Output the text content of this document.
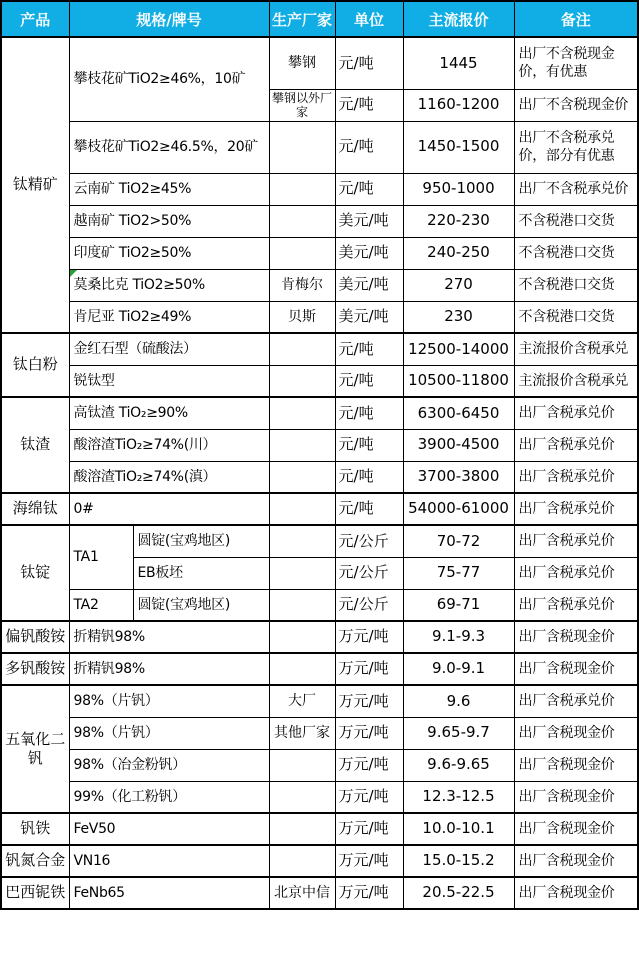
产品	规格/牌号		生产厂家	单位	主流报价	备注
钛精矿	攀枝花矿TiO2≥46%，10矿		攀钢	元/吨	1445	出厂不含税现金价，有优惠
			攀钢以外厂家	元/吨	1160-1200	出厂不含税现金价
	攀枝花矿TiO2≥46.5%，20矿			元/吨	1450-1500	出厂不含税承兑价，部分有优惠
	云南矿 TiO2≥45%			元/吨	950-1000	出厂不含税承兑价
	越南矿 TiO2>50%			美元/吨	220-230	不含税港口交货
	印度矿 TiO2≥50%			美元/吨	240-250	不含税港口交货
	莫桑比克 TiO2≥50%		肯梅尔	美元/吨	270	不含税港口交货
	肯尼亚 TiO2≥49%		贝斯	美元/吨	230	不含税港口交货
钛白粉	金红石型（硫酸法）			元/吨	12500-14000	主流报价含税承兑
	锐钛型			元/吨	10500-11800	主流报价含税承兑
钛渣	高钛渣 TiO₂≥90%			元/吨	6300-6450	出厂含税承兑价
	酸溶渣TiO₂≥74%(川）			元/吨	3900-4500	出厂含税承兑价
	酸溶渣TiO₂≥74%(滇）			元/吨	3700-3800	出厂含税承兑价
海绵钛	0#			元/吨	54000-61000	出厂含税承兑价
钛锭	TA1	圆锭(宝鸡地区)		元/公斤	70-72	出厂含税承兑价
		EB板坯		元/公斤	75-77	出厂含税承兑价
	TA2	圆锭(宝鸡地区)		元/公斤	69-71	出厂含税承兑价
偏钒酸铵	折精钒98%			万元/吨	9.1-9.3	出厂含税现金价
多钒酸铵	折精钒98%			万元/吨	9.0-9.1	出厂含税现金价
五氧化二钒	98%（片钒）		大厂	万元/吨	9.6	出厂含税承兑价
	98%（片钒）		其他厂家	万元/吨	9.65-9.7	出厂含税现金价
	98%（冶金粉钒）			万元/吨	9.6-9.65	出厂含税现金价
	99%（化工粉钒）			万元/吨	12.3-12.5	出厂含税现金价
钒铁	FeV50			万元/吨	10.0-10.1	出厂含税现金价
钒氮合金	VN16			万元/吨	15.0-15.2	出厂含税现金价
巴西铌铁	FeNb65		北京中信	万元/吨	20.5-22.5	出厂含税现金价
